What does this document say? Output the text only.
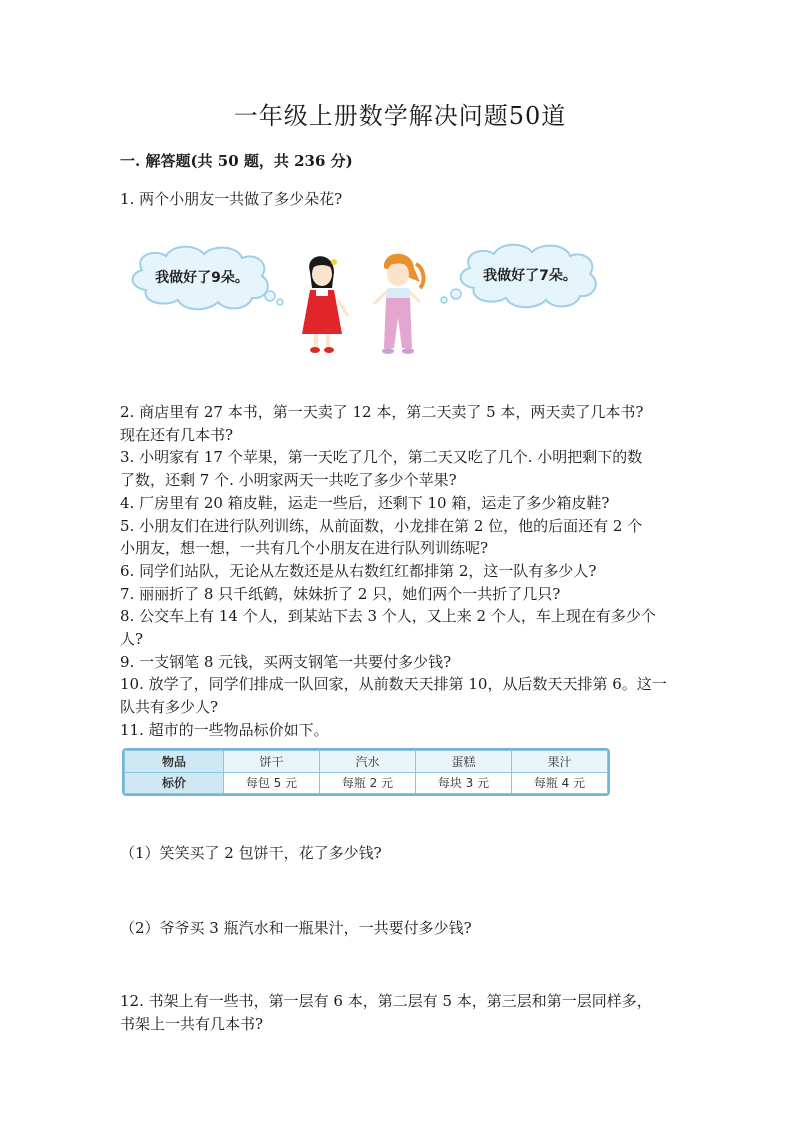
一年级上册数学解决问题50道
一. 解答题(共 50 题，共 236 分)
1. 两个小朋友一共做了多少朵花?
我做好了9朵。	我做好了7朵。

2. 商店里有 27 本书，第一天卖了 12 本，第二天卖了 5 本，两天卖了几本书?

现在还有几本书?

3. 小明家有 17 个苹果，第一天吃了几个，第二天又吃了几个. 小明把剩下的数

了数，还剩 7 个. 小明家两天一共吃了多少个苹果?

4. 厂房里有 20 箱皮鞋，运走一些后，还剩下 10 箱，运走了多少箱皮鞋?

5. 小朋友们在进行队列训练，从前面数，小龙排在第 2 位，他的后面还有 2 个

小朋友，想一想，一共有几个小朋友在进行队列训练呢?

6. 同学们站队，无论从左数还是从右数红红都排第 2，这一队有多少人?

7. 丽丽折了 8 只千纸鹤，妹妹折了 2 只，她们两个一共折了几只?

8. 公交车上有 14 个人，到某站下去 3 个人，又上来 2 个人，车上现在有多少个

人?

9. 一支钢笔 8 元钱，买两支钢笔一共要付多少钱?

10. 放学了，同学们排成一队回家，从前数天天排第 10，从后数天天排第 6。这一

队共有多少人?

11. 超市的一些物品标价如下。

物品	饼干	汽水	蛋糕	果汁
标价	每包 5 元	每瓶 2 元	每块 3 元	每瓶 4 元
（1）笑笑买了 2 包饼干，花了多少钱?
（2）爷爷买 3 瓶汽水和一瓶果汁，一共要付多少钱?
12. 书架上有一些书，第一层有 6 本，第二层有 5 本，第三层和第一层同样多，
书架上一共有几本书?
